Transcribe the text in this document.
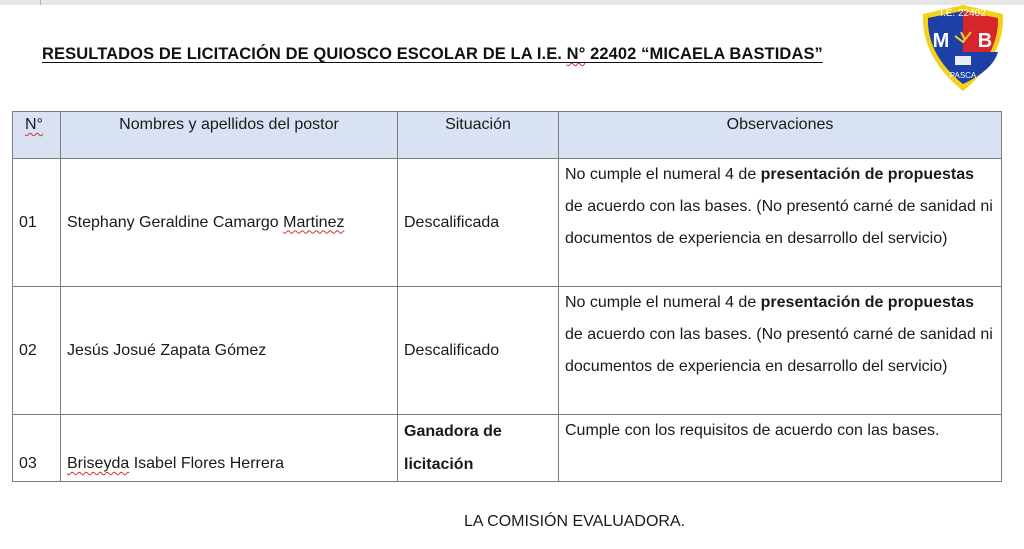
RESULTADOS DE LICITACIÓN DE QUIOSCO ESCOLAR DE LA I.E. N° 22402 “MICAELA BASTIDAS”
I.E. 22402
M B
PASCA
N°	Nombres y apellidos del postor	Situación	Observaciones
01	Stephany Geraldine Camargo Martinez	Descalificada	No cumple el numeral 4 de presentación de propuestas de acuerdo con las bases. (No presentó carné de sanidad ni documentos de experiencia en desarrollo del servicio)
02	Jesús Josué Zapata Gómez	Descalificado	No cumple el numeral 4 de presentación de propuestas de acuerdo con las bases. (No presentó carné de sanidad ni documentos de experiencia en desarrollo del servicio)
03	Briseyda Isabel Flores Herrera	Ganadora de licitación	Cumple con los requisitos de acuerdo con las bases.
LA COMISIÓN EVALUADORA.
